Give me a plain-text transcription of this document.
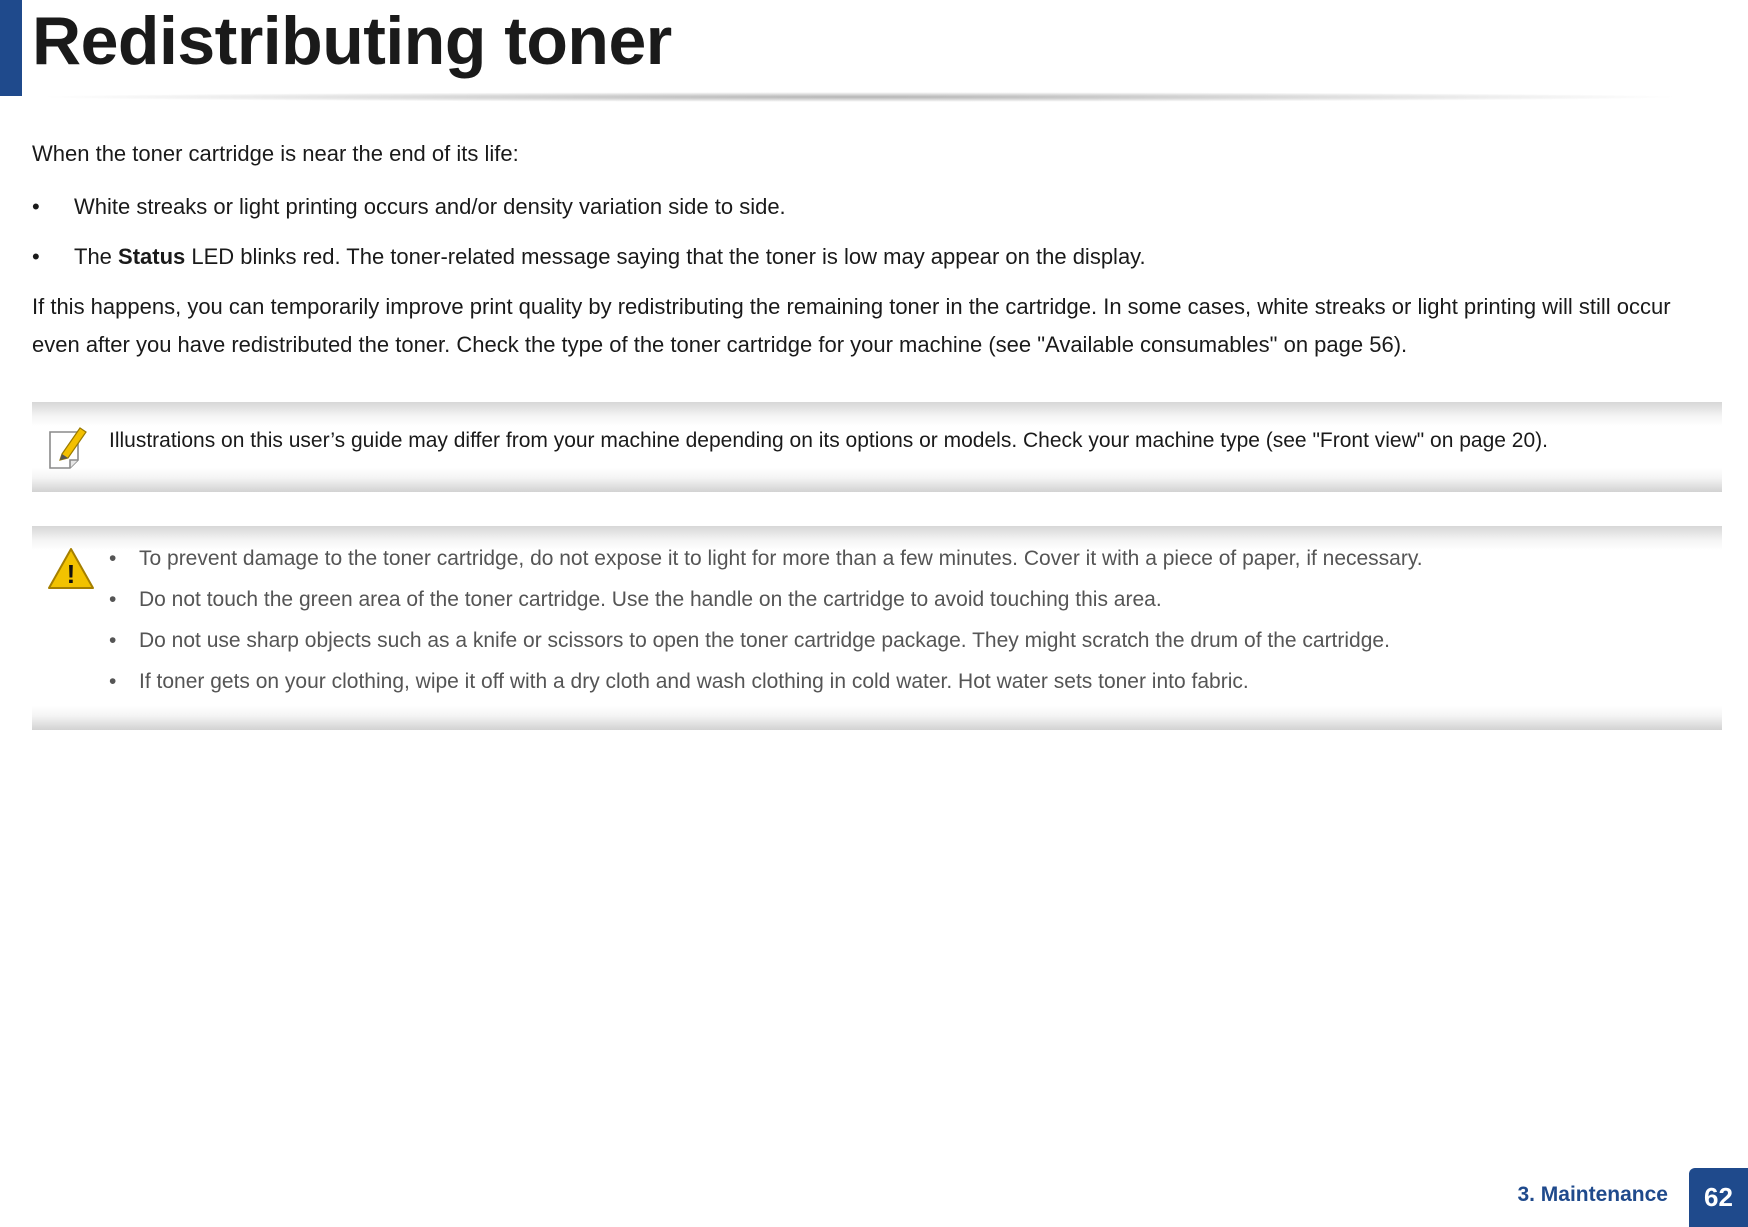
Redistributing toner
When the toner cartridge is near the end of its life:
• White streaks or light printing occurs and/or density variation side to side.
• The Status LED blinks red. The toner-related message saying that the toner is low may appear on the display.
If this happens, you can temporarily improve print quality by redistributing the remaining toner in the cartridge. In some cases, white streaks or light printing will still occur even after you have redistributed the toner. Check the type of the toner cartridge for your machine (see "Available consumables" on page 56).
Illustrations on this user’s guide may differ from your machine depending on its options or models. Check your machine type (see "Front view" on page 20).
!
• To prevent damage to the toner cartridge, do not expose it to light for more than a few minutes. Cover it with a piece of paper, if necessary.
• Do not touch the green area of the toner cartridge. Use the handle on the cartridge to avoid touching this area.
• Do not use sharp objects such as a knife or scissors to open the toner cartridge package. They might scratch the drum of the cartridge.
• If toner gets on your clothing, wipe it off with a dry cloth and wash clothing in cold water. Hot water sets toner into fabric.
3. Maintenance	62
